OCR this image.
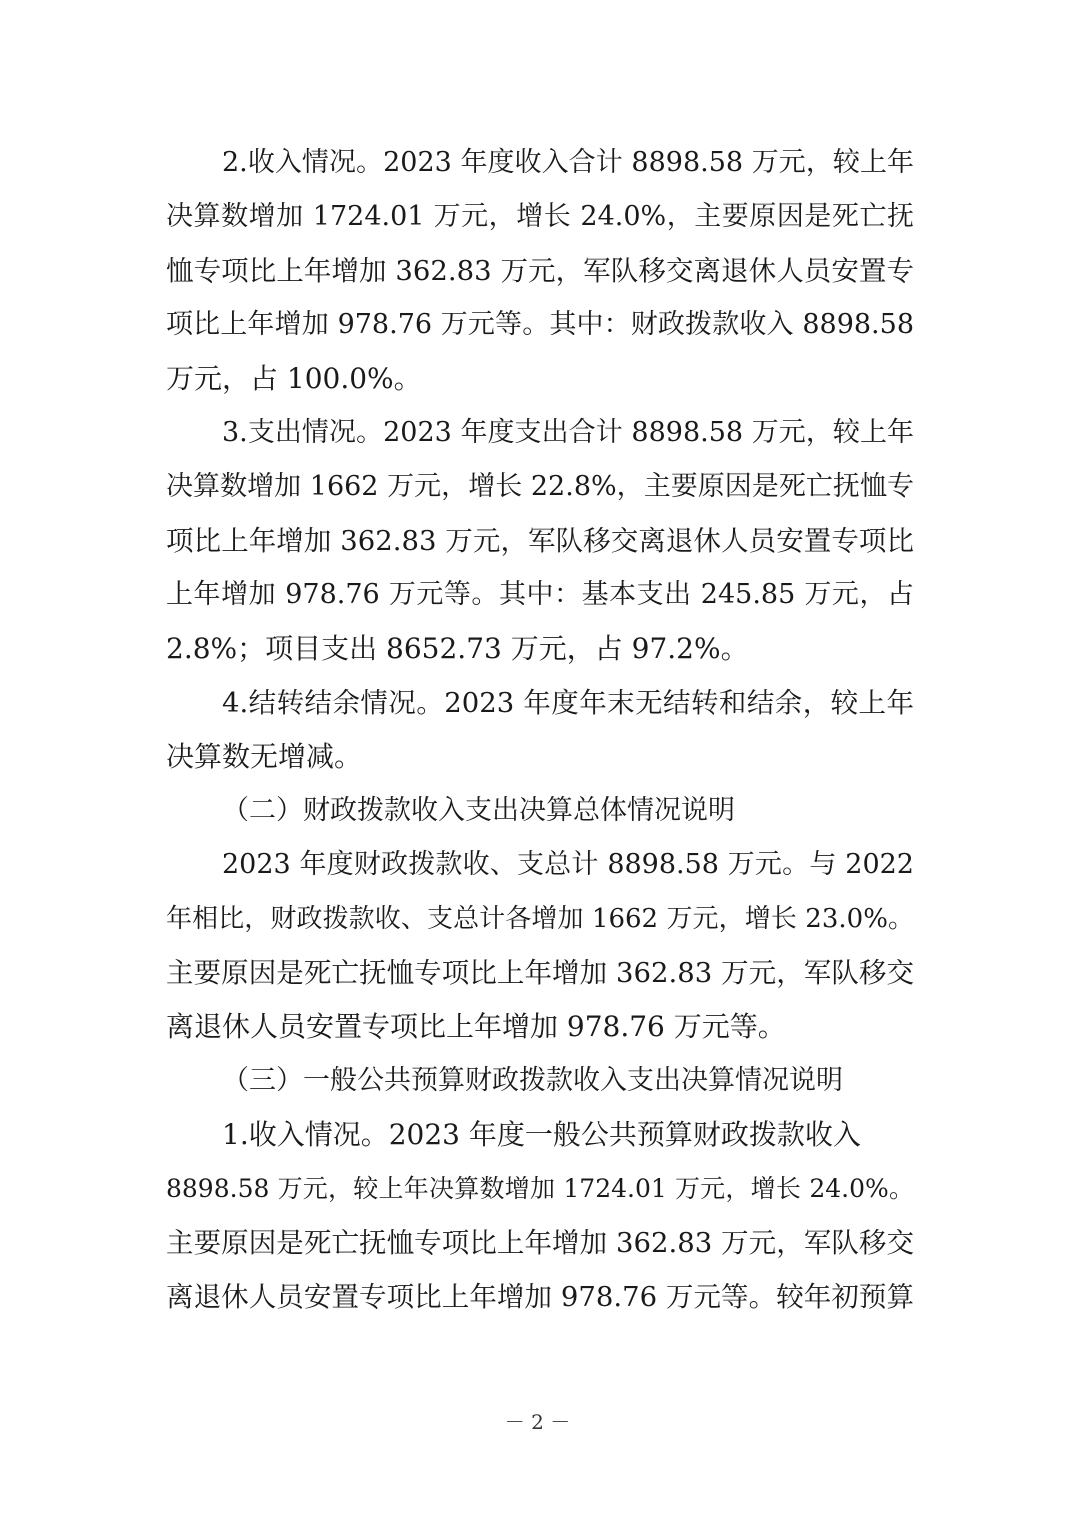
2.收入情况。2023 年度收入合计 8898.58 万元，较上年
决算数增加 1724.01 万元，增长 24.0%，主要原因是死亡抚
恤专项比上年增加 362.83 万元，军队移交离退休人员安置专
项比上年增加 978.76 万元等。其中：财政拨款收入 8898.58
万元，占 100.0%。
3.支出情况。2023 年度支出合计 8898.58 万元，较上年
决算数增加 1662 万元，增长 22.8%，主要原因是死亡抚恤专
项比上年增加 362.83 万元，军队移交离退休人员安置专项比
上年增加 978.76 万元等。其中：基本支出 245.85 万元，占
2.8%；项目支出 8652.73 万元，占 97.2%。
4.结转结余情况。2023 年度年末无结转和结余，较上年
决算数无增减。
（二）财政拨款收入支出决算总体情况说明
2023 年度财政拨款收、支总计 8898.58 万元。与 2022
年相比，财政拨款收、支总计各增加 1662 万元，增长 23.0%。
主要原因是死亡抚恤专项比上年增加 362.83 万元，军队移交
离退休人员安置专项比上年增加 978.76 万元等。
（三）一般公共预算财政拨款收入支出决算情况说明
1.收入情况。2023 年度一般公共预算财政拨款收入
8898.58 万元，较上年决算数增加 1724.01 万元，增长 24.0%。
主要原因是死亡抚恤专项比上年增加 362.83 万元，军队移交
离退休人员安置专项比上年增加 978.76 万元等。较年初预算
－ 2 －
